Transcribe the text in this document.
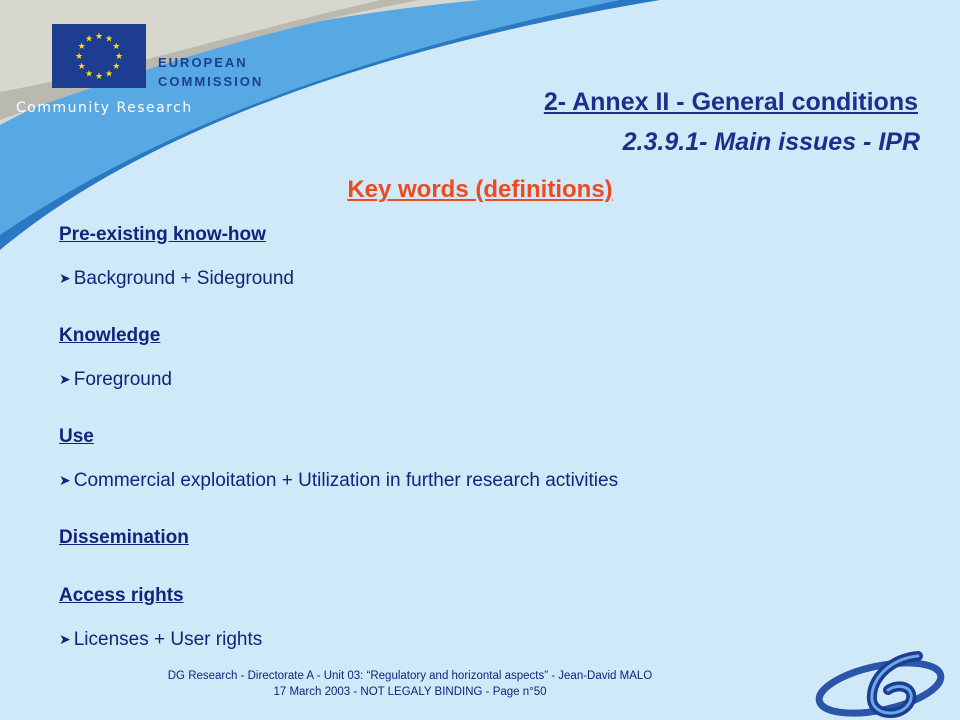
★ ★
★
★
★
★
★
★
★
★
★
★
EUROPEAN
COMMISSION
Community Research	2- Annex II - General conditions
2.3.9.1- Main issues - IPR
Key words (definitions)
Pre-existing know-how
➤ Background + Sideground
Knowledge
➤ Foreground
Use
➤ Commercial exploitation + Utilization in further research activities
Dissemination
Access rights
➤ Licenses + User rights
DG Research - Directorate A - Unit 03: “Regulatory and horizontal aspects” - Jean-David MALO
17 March 2003 - NOT LEGALY BINDING - Page n°50
